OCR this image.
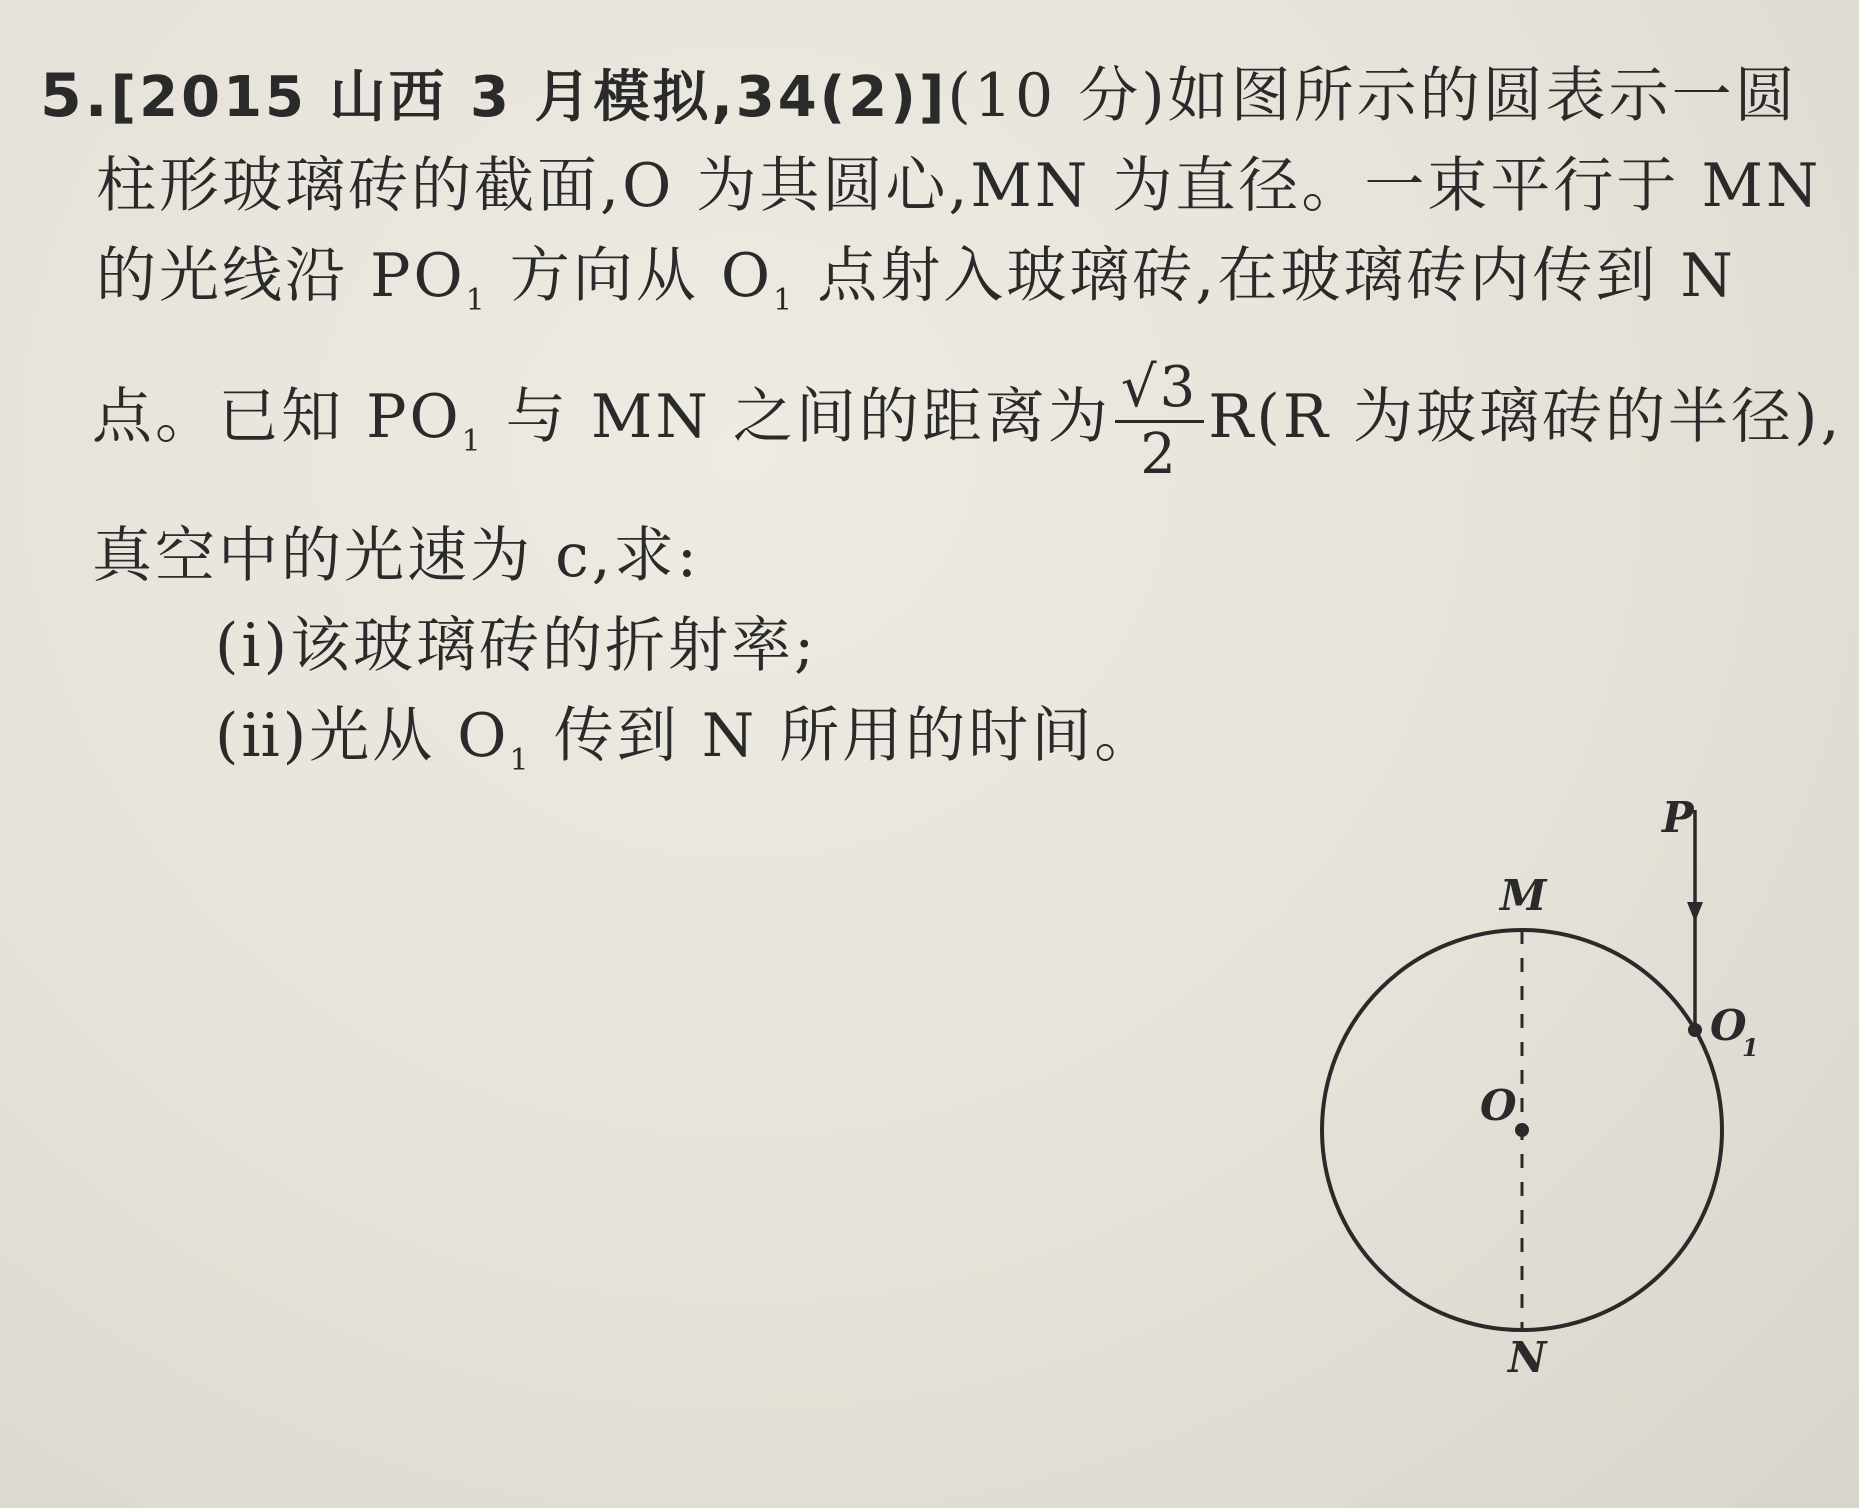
5.[2015 山西 3 月模拟,34(2)](10 分)如图所示的圆表示一圆
柱形玻璃砖的截面,O 为其圆心,MN 为直径。一束平行于 MN
的光线沿 $PO_1$ 方向从 $O_1$ 点射入玻璃砖,在玻璃砖内传到 N
点。已知 $PO_1$ 与 MN 之间的距离为 $\frac{√3}{2} R(R$ 为玻璃砖的半径),
真空中的光速为 c,求:
(ⅰ)该玻璃砖的折射率;
(ⅱ)光从 $O_1$ 传到 N 所用的时间。
P
M
N
O
O
1
